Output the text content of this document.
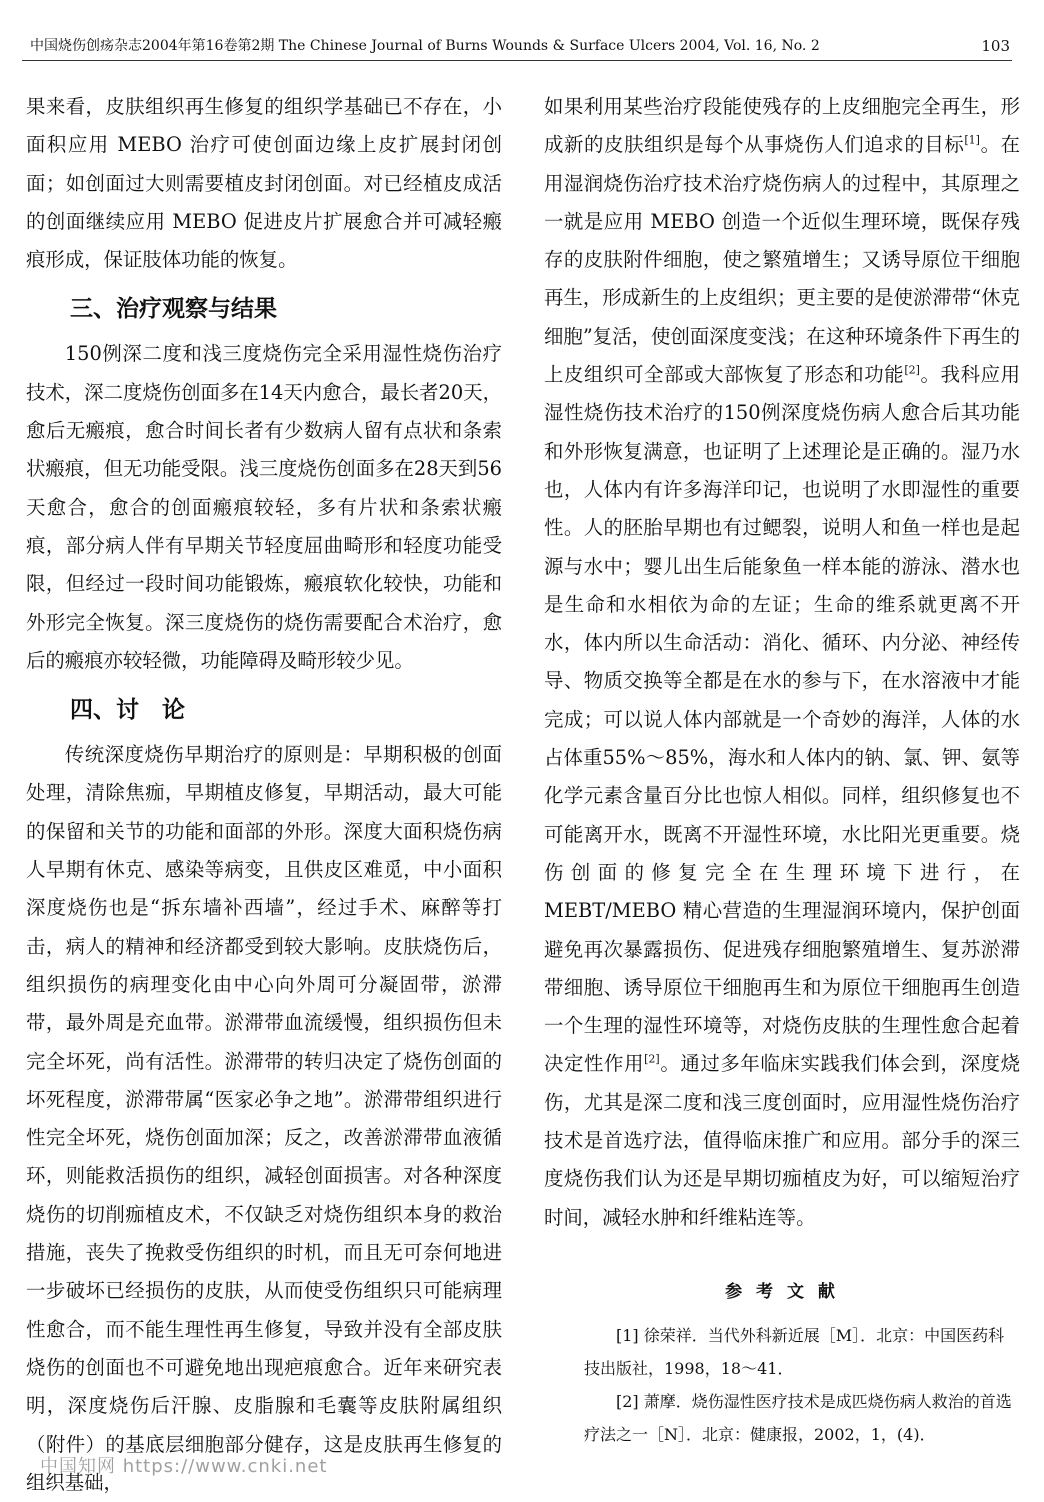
中国烧伤创疡杂志2004年第16卷第2期 The Chinese Journal of Burns Wounds & Surface Ulcers 2004, Vol. 16, No. 2	103

果来看，皮肤组织再生修复的组织学基础已不存在，小面积应用 MEBO 治疗可使创面边缘上皮扩展封闭创面；如创面过大则需要植皮封闭创面。对已经植皮成活的创面继续应用 MEBO 促进皮片扩展愈合并可减轻瘢痕形成，保证肢体功能的恢复。

三、治疗观察与结果

150例深二度和浅三度烧伤完全采用湿性烧伤治疗技术，深二度烧伤创面多在14天内愈合，最长者20天，愈后无瘢痕，愈合时间长者有少数病人留有点状和条索状瘢痕，但无功能受限。浅三度烧伤创面多在28天到56天愈合，愈合的创面瘢痕较轻，多有片状和条索状瘢痕，部分病人伴有早期关节轻度屈曲畸形和轻度功能受限，但经过一段时间功能锻炼，瘢痕软化较快，功能和外形完全恢复。深三度烧伤的烧伤需要配合术治疗，愈后的瘢痕亦较轻微，功能障碍及畸形较少见。

四、讨　论

传统深度烧伤早期治疗的原则是：早期积极的创面处理，清除焦痂，早期植皮修复，早期活动，最大可能的保留和关节的功能和面部的外形。深度大面积烧伤病人早期有休克、感染等病变，且供皮区难觅，中小面积深度烧伤也是“拆东墙补西墙”，经过手术、麻醉等打击，病人的精神和经济都受到较大影响。皮肤烧伤后，组织损伤的病理变化由中心向外周可分凝固带，淤滞带，最外周是充血带。淤滞带血流缓慢，组织损伤但未完全坏死，尚有活性。淤滞带的转归决定了烧伤创面的坏死程度，淤滞带属“医家必争之地”。淤滞带组织进行性完全坏死，烧伤创面加深；反之，改善淤滞带血液循环，则能救活损伤的组织，减轻创面损害。对各种深度烧伤的切削痂植皮术，不仅缺乏对烧伤组织本身的救治措施，丧失了挽救受伤组织的时机，而且无可奈何地进一步破坏已经损伤的皮肤，从而使受伤组织只可能病理性愈合，而不能生理性再生修复，导致并没有全部皮肤烧伤的创面也不可避免地出现疤痕愈合。近年来研究表明，深度烧伤后汗腺、皮脂腺和毛囊等皮肤附属组织（附件）的基底层细胞部分健存，这是皮肤再生修复的组织基础，

如果利用某些治疗段能使残存的上皮细胞完全再生，形成新的皮肤组织是每个从事烧伤人们追求的目标[1]。在用湿润烧伤治疗技术治疗烧伤病人的过程中，其原理之一就是应用 MEBO 创造一个近似生理环境，既保存残存的皮肤附件细胞，使之繁殖增生；又诱导原位干细胞再生，形成新生的上皮组织；更主要的是使淤滞带“休克细胞”复活，使创面深度变浅；在这种环境条件下再生的上皮组织可全部或大部恢复了形态和功能[2]。我科应用湿性烧伤技术治疗的150例深度烧伤病人愈合后其功能和外形恢复满意，也证明了上述理论是正确的。湿乃水也，人体内有许多海洋印记，也说明了水即湿性的重要性。人的胚胎早期也有过鳃裂，说明人和鱼一样也是起源与水中；婴儿出生后能象鱼一样本能的游泳、潜水也是生命和水相依为命的左证；生命的维系就更离不开水，体内所以生命活动：消化、循环、内分泌、神经传导、物质交换等全都是在水的参与下，在水溶液中才能完成；可以说人体内部就是一个奇妙的海洋，人体的水占体重55%～85%，海水和人体内的钠、氯、钾、氨等化学元素含量百分比也惊人相似。同样，组织修复也不可能离开水，既离不开湿性环境，水比阳光更重要。烧伤创面的修复完全在生理环境下进行，在 MEBT/MEBO 精心营造的生理湿润环境内，保护创面避免再次暴露损伤、促进残存细胞繁殖增生、复苏淤滞带细胞、诱导原位干细胞再生和为原位干细胞再生创造一个生理的湿性环境等，对烧伤皮肤的生理性愈合起着决定性作用[2]。通过多年临床实践我们体会到，深度烧伤，尤其是深二度和浅三度创面时，应用湿性烧伤治疗技术是首选疗法，值得临床推广和应用。部分手的深三度烧伤我们认为还是早期切痂植皮为好，可以缩短治疗时间，减轻水肿和纤维粘连等。

参 考 文 献

[1] 徐荣祥．当代外科新近展［M］．北京：中国医药科技出版社，1998，18～41．

[2] 萧摩．烧伤湿性医疗技术是成匹烧伤病人救治的首选疗法之一［N］．北京：健康报，2002，1，(4)．

中国知网 https://www.cnki.net
